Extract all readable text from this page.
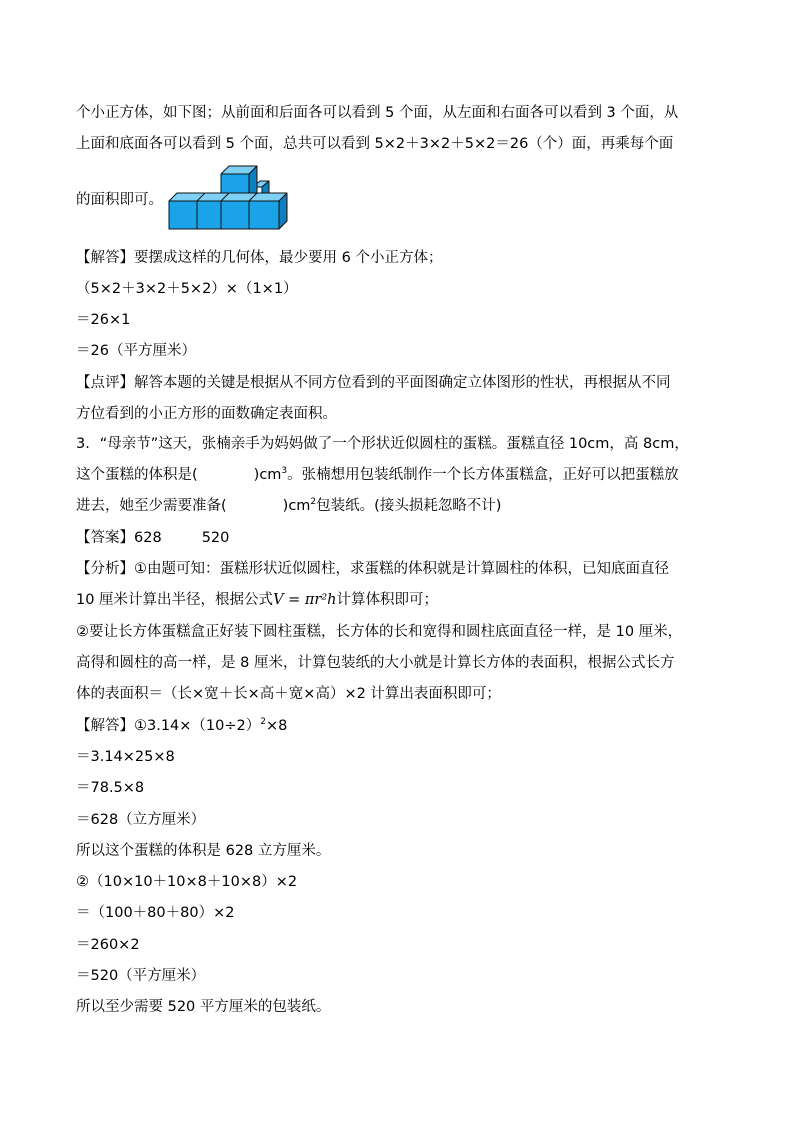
个小正方体，如下图；从前面和后面各可以看到 5 个面，从左面和右面各可以看到 3 个面，从
上面和底面各可以看到 5 个面，总共可以看到 5×2＋3×2＋5×2＝26（个）面，再乘每个面
的面积即可。
【解答】要摆成这样的几何体，最少要用 6 个小正方体；
（5×2＋3×2＋5×2）×（1×1）
＝26×1
＝26（平方厘米）
【点评】解答本题的关键是根据从不同方位看到的平面图确定立体图形的性状，再根据从不同
方位看到的小正方形的面数确定表面积。
3．“母亲节”这天，张楠亲手为妈妈做了一个形状近似圆柱的蛋糕。蛋糕直径 10cm，高 8cm，
这个蛋糕的体积是(	)$cm^3$。张楠想用包装纸制作一个长方体蛋糕盒，正好可以把蛋糕放
进去，她至少需要准备(	)$cm^2$包装纸。(接头损耗忽略不计)
【答案】628	520
【分析】①由题可知：蛋糕形状近似圆柱，求蛋糕的体积就是计算圆柱的体积，已知底面直径
10 厘米计算出半径，根据公式V = πr²h计算体积即可；
②要让长方体蛋糕盒正好装下圆柱蛋糕，长方体的长和宽得和圆柱底面直径一样，是 10 厘米，
高得和圆柱的高一样，是 8 厘米，计算包装纸的大小就是计算长方体的表面积，根据公式长方
体的表面积＝（长×宽＋长×高＋宽×高）×2 计算出表面积即可；
【解答】$①3.14\times(10\div 2)^2\times 8$
＝3.14×25×8
＝78.5×8
＝628（立方厘米）
所以这个蛋糕的体积是 628 立方厘米。
②（10×10＋10×8＋10×8）×2
＝（100＋80＋80）×2
＝260×2
＝520（平方厘米）
所以至少需要 520 平方厘米的包装纸。
